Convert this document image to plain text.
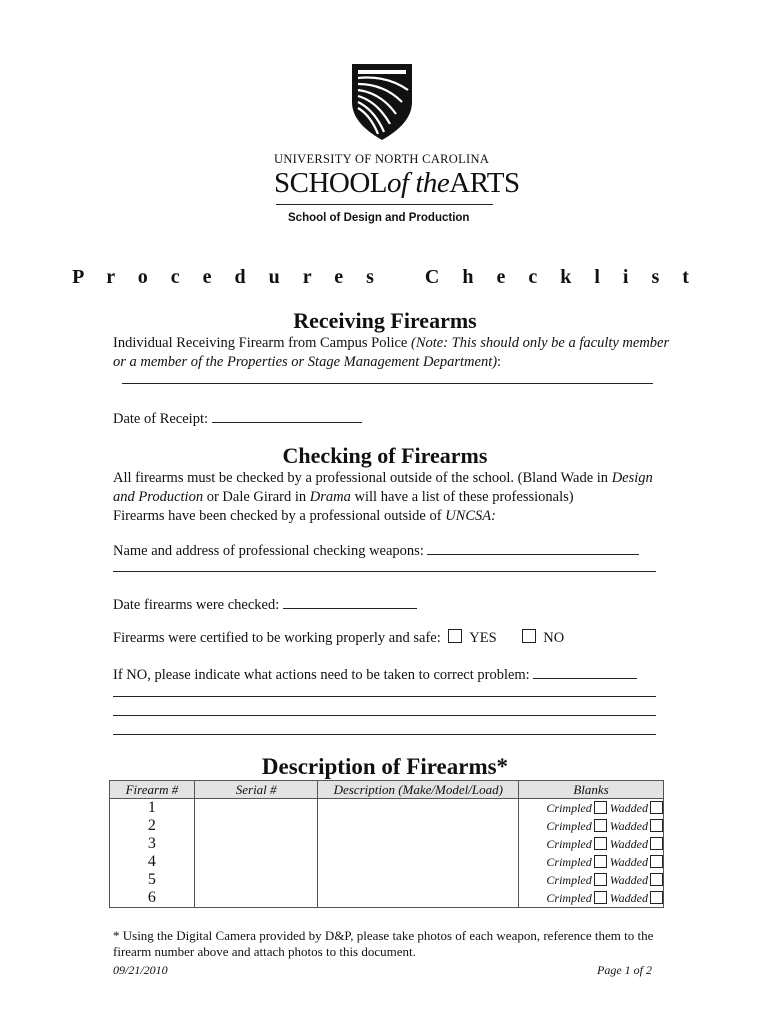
UNIVERSITY OF NORTH CAROLINA
SCHOOLof theARTS
School of Design and Production
P r o c e d u r e s   C h e c k l i s t
Receiving Firearms
Individual Receiving Firearm from Campus Police (Note: This should only be a faculty member or a member of the Properties or Stage Management Department):
Date of Receipt:
Checking of Firearms
All firearms must be checked by a professional outside of the school. (Bland Wade in Design and Production or Dale Girard in Drama will have a list of these professionals)
Firearms have been checked by a professional outside of UNCSA:
Name and address of professional checking weapons:
Date firearms were checked:
Firearms were certified to be working properly and safe: YES	NO
If NO, please indicate what actions need to be taken to correct problem:
Description of Firearms*
Firearm #	Serial #	Description (Make/Model/Load)	Blanks
1			Crimpled Wadded
2			Crimpled Wadded
3			Crimpled Wadded
4			Crimpled Wadded
5			Crimpled Wadded
6			Crimpled Wadded
* Using the Digital Camera provided by D&P, please take photos of each weapon, reference them to the firearm number above and attach photos to this document.
09/21/2010	Page 1 of 2
